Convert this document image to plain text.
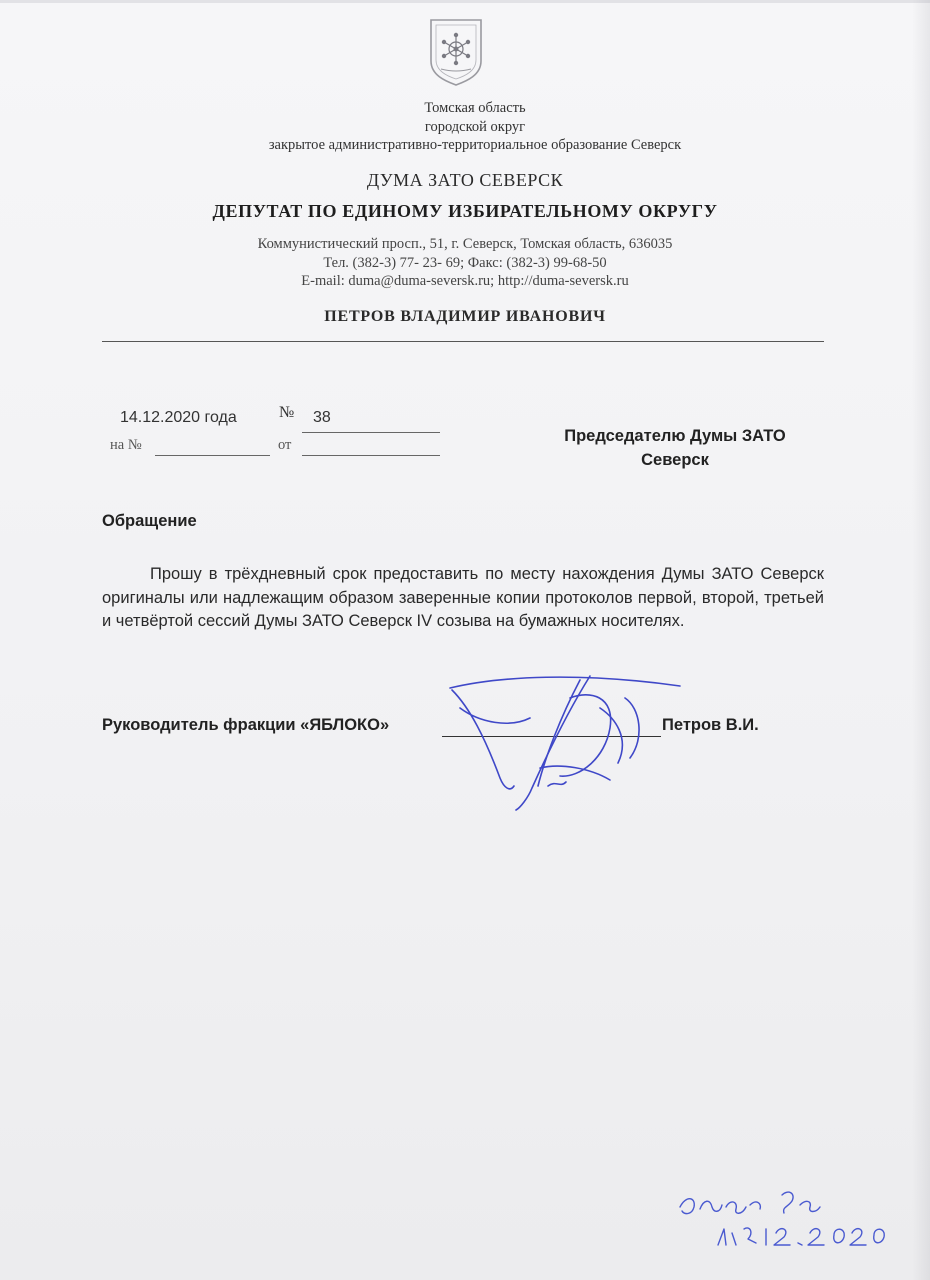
Томская область
городской округ
закрытое административно-территориальное образование Северск
ДУМА ЗАТО СЕВЕРСК
ДЕПУТАТ ПО ЕДИНОМУ ИЗБИРАТЕЛЬНОМУ ОКРУГУ
Коммунистический просп., 51, г. Северск, Томская область, 636035
Тел. (382-3) 77- 23- 69; Факс: (382-3) 99-68-50
E-mail: duma@duma-seversk.ru; http://duma-seversk.ru
ПЕТРОВ ВЛАДИМИР ИВАНОВИЧ
14.12.2020 года	№ 38
на №	от	Председателю Думы ЗАТО
Северск
Обращение
Прошу в трёхдневный срок предоставить по месту нахождения Думы ЗАТО Северск оригиналы или надлежащим образом заверенные копии протоколов первой, второй, третьей и четвёртой сессий Думы ЗАТО Северск IV созыва на бумажных носителях.
Руководитель фракции «ЯБЛОКО»	Петров В.И.
